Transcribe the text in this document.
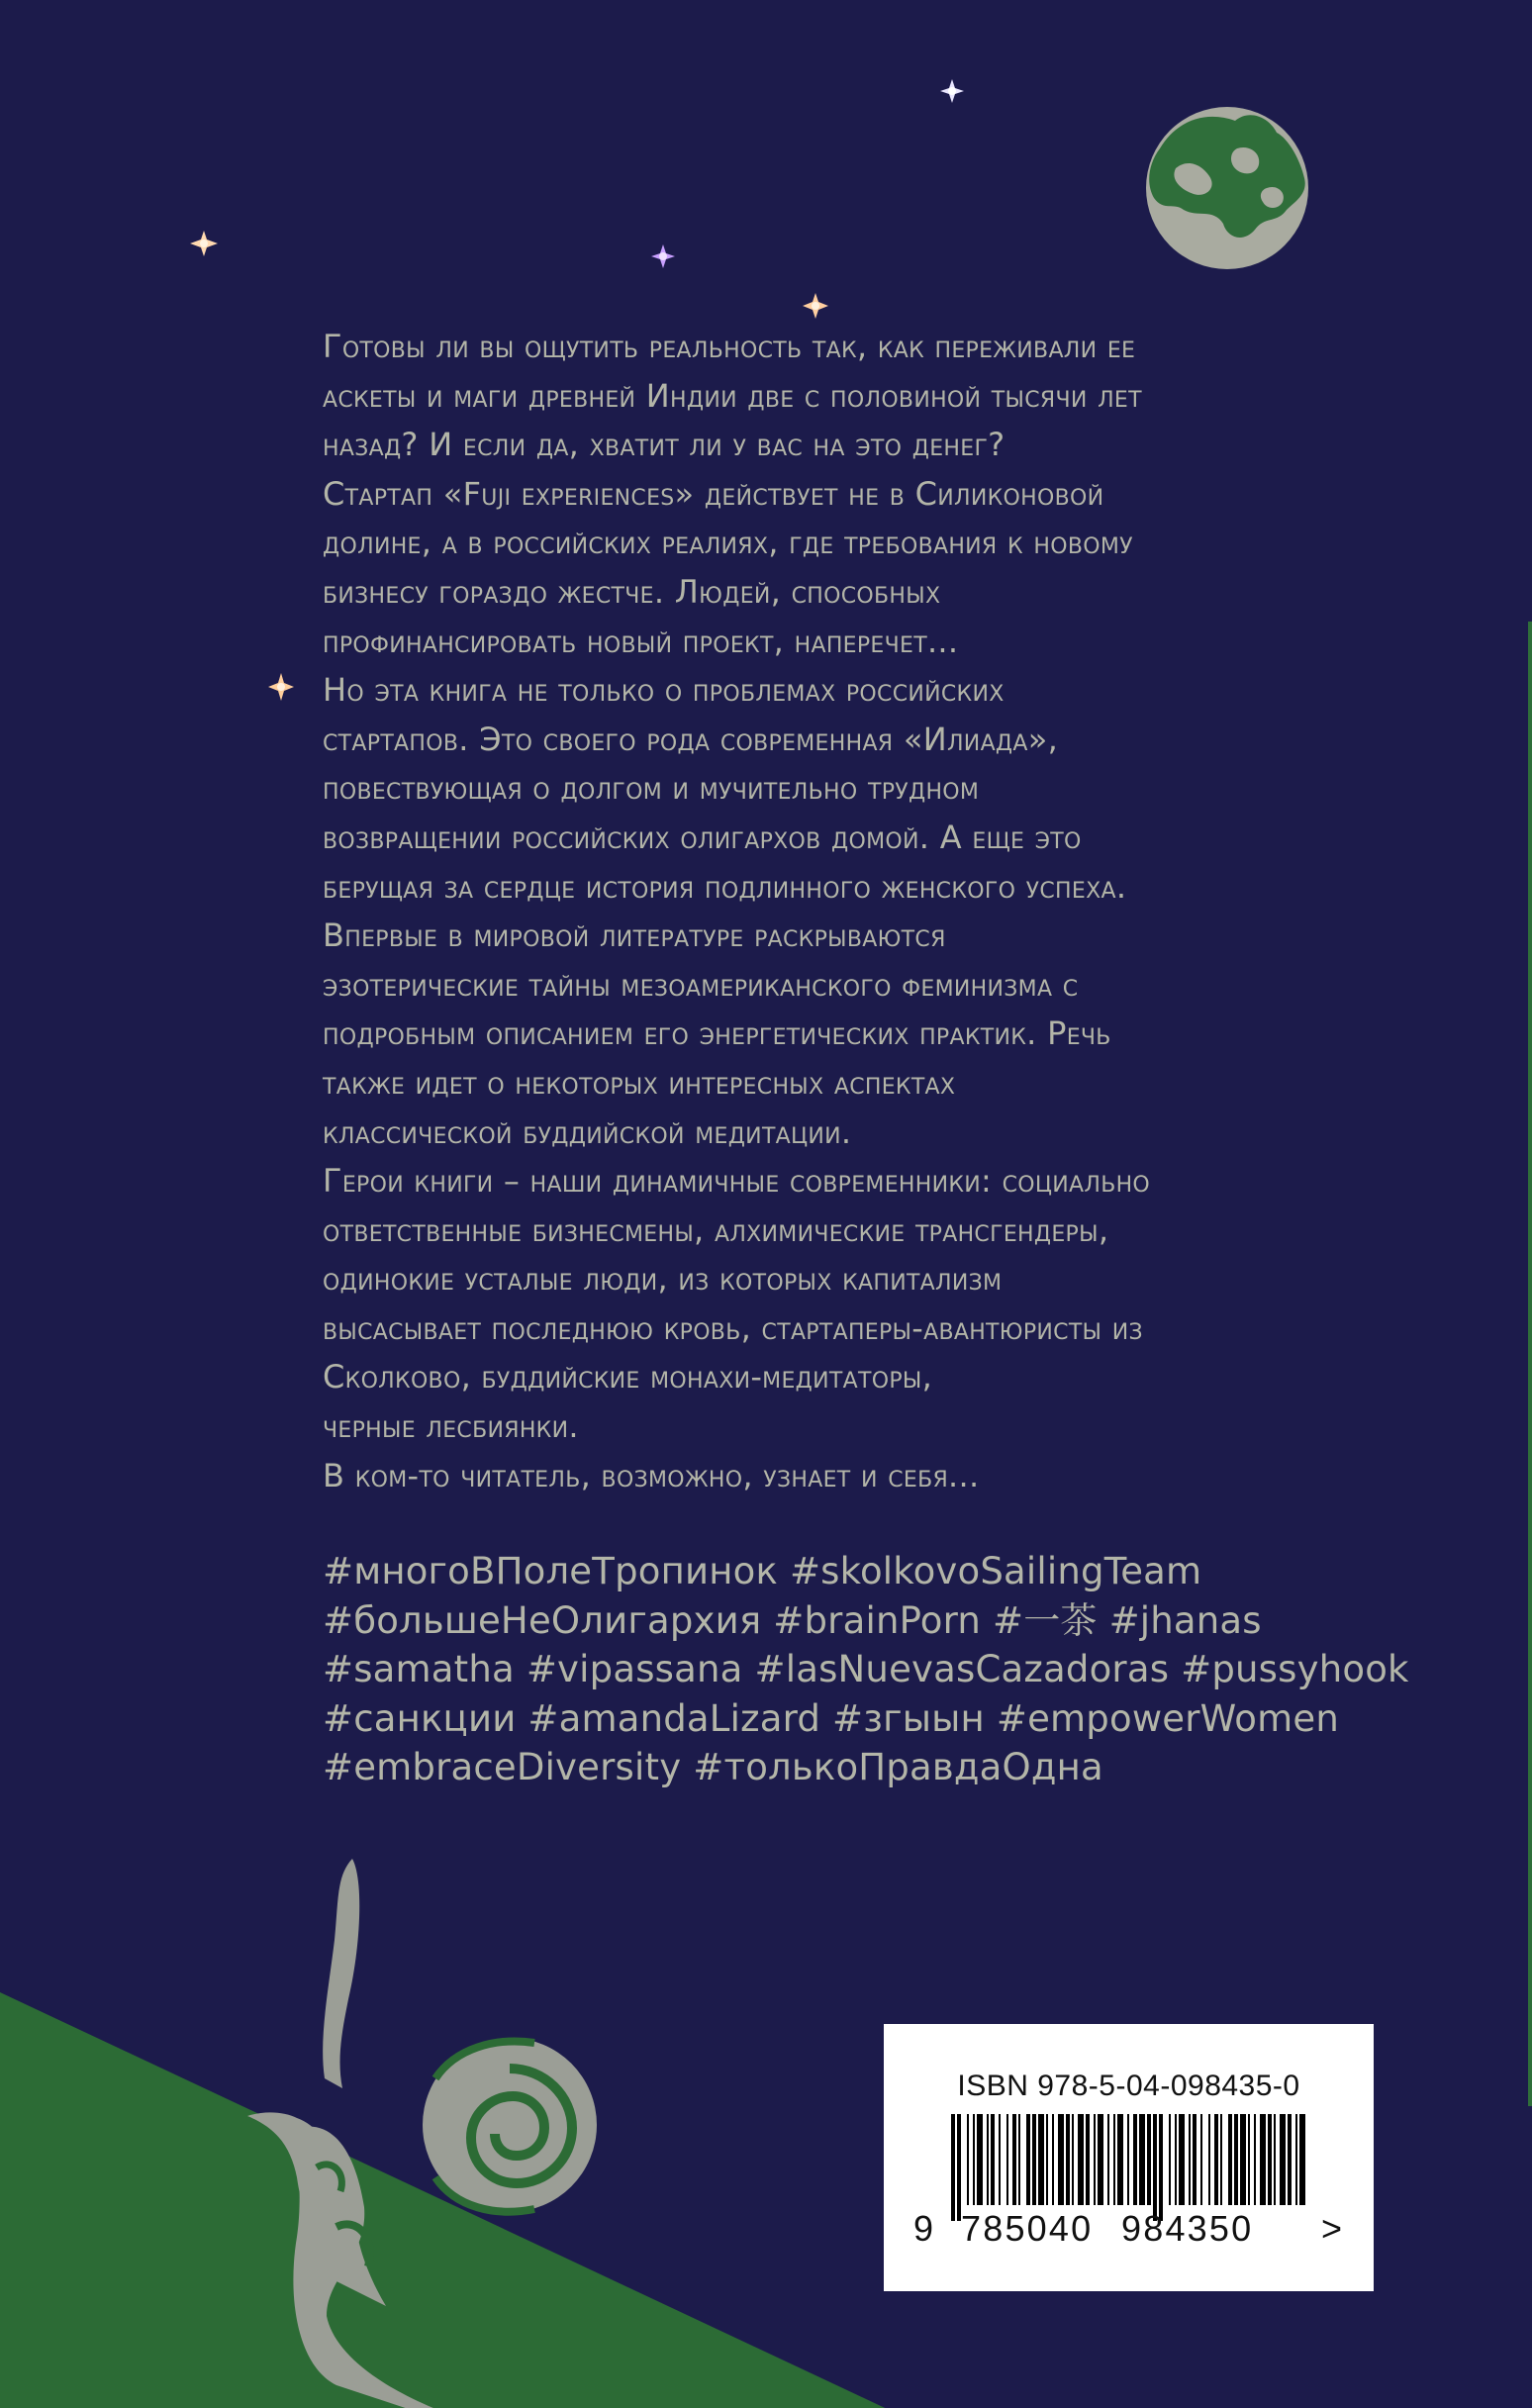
Готовы ли вы ощутить реальность так, как переживали ее
аскеты и маги древней Индии две с половиной тысячи лет
назад? И если да, хватит ли у вас на это денег?

Стартап «Fuji experiences» действует не в Силиконовой
долине, а в российских реалиях, где требования к новому
бизнесу гораздо жестче. Людей, способных
профинансировать новый проект, наперечет...

Но эта книга не только о проблемах российских
стартапов. Это своего рода современная «Илиада»,
повествующая о долгом и мучительно трудном
возвращении российских олигархов домой. А еще это
берущая за сердце история подлинного женского успеха.

Впервые в мировой литературе раскрываются
эзотерические тайны мезоамериканского феминизма с
подробным описанием его энергетических практик. Речь
также идет о некоторых интересных аспектах
классической буддийской медитации.

Герои книги – наши динамичные современники: социально
ответственные бизнесмены, алхимические трансгендеры,
одинокие усталые люди, из которых капитализм
высасывает последнюю кровь, стартаперы-авантюристы из
Сколково, буддийские монахи-медитаторы,
черные лесбиянки.

В ком-то читатель, возможно, узнает и себя...

#многоВПолеТропинок #skolkovoSailingTeam
#большеНеОлигархия #brainPorn #一茶 #jhanas
#samatha #vipassana #lasNuevasCazadoras #pussyhook
#санкции #amandaLizard #згыын #empowerWomen
#embraceDiversity #толькоПравдаОдна
ISBN 978-5-04-098435-0
9 785040 984350 >
